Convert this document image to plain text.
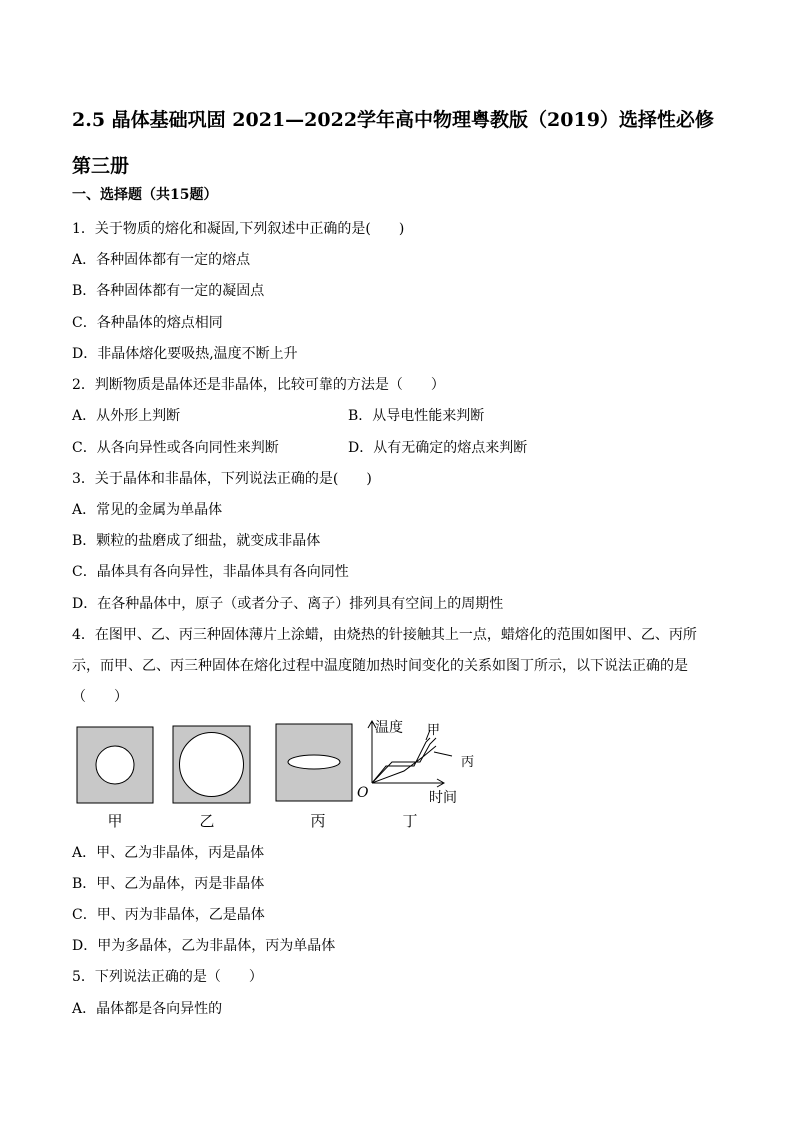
2.5 晶体基础巩固 2021—2022学年高中物理粤教版（2019）选择性必修第三册
一、选择题（共15题）
1．关于物质的熔化和凝固,下列叙述中正确的是(　　)
A．各种固体都有一定的熔点
B．各种固体都有一定的凝固点
C．各种晶体的熔点相同
D．非晶体熔化要吸热,温度不断上升
2．判断物质是晶体还是非晶体，比较可靠的方法是（　　）
A．从外形上判断	B．从导电性能来判断
C．从各向异性或各向同性来判断	D．从有无确定的熔点来判断
3．关于晶体和非晶体，下列说法正确的是(　　)
A．常见的金属为单晶体
B．颗粒的盐磨成了细盐，就变成非晶体
C．晶体具有各向异性，非晶体具有各向同性
D．在各种晶体中，原子（或者分子、离子）排列具有空间上的周期性
4．在图甲、乙、丙三种固体薄片上涂蜡，由烧热的针接触其上一点，蜡熔化的范围如图甲、乙、丙所
示，而甲、乙、丙三种固体在熔化过程中温度随加热时间变化的关系如图丁所示，以下说法正确的是
（　　）
甲	乙	丙
O
温度
时间
甲
丙
丁
A．甲、乙为非晶体，丙是晶体
B．甲、乙为晶体，丙是非晶体
C．甲、丙为非晶体，乙是晶体
D．甲为多晶体，乙为非晶体，丙为单晶体
5．下列说法正确的是（　　）
A．晶体都是各向异性的
